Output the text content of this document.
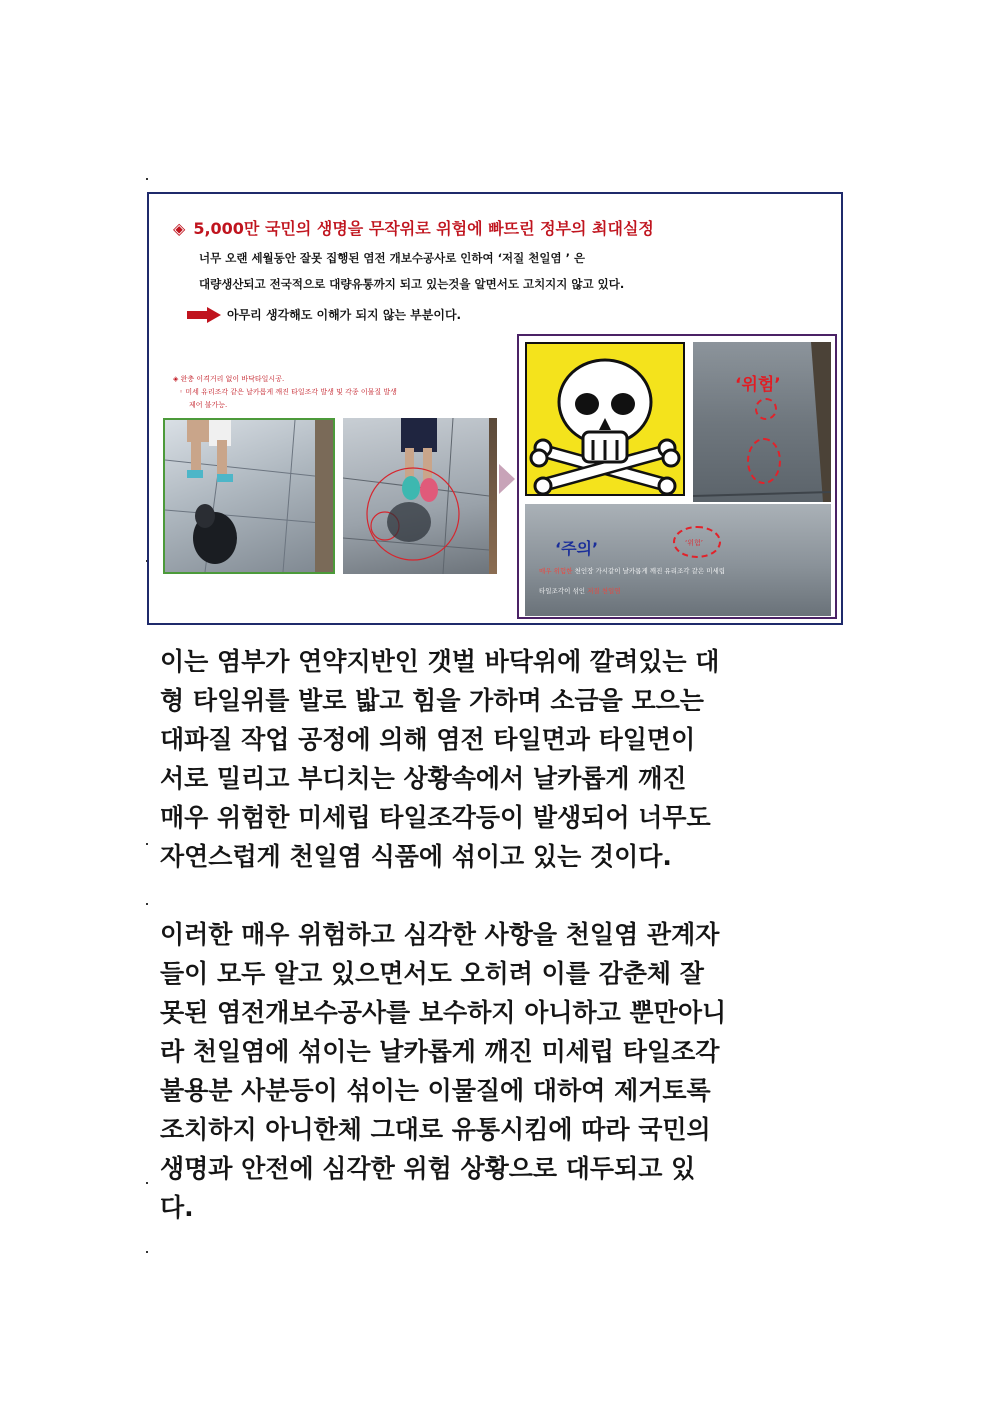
◈ 5,000만 국민의 생명을 무작위로 위험에 빠뜨린 정부의 최대실정
너무 오랜 세월동안 잘못 집행된 염전 개보수공사로 인하여 ‘저질 천일염 ’ 은
대량생산되고 전국적으로 대량유통까지 되고 있는것을 알면서도 고치지지 않고 있다.
아무리 생각해도 이해가 되지 않는 부분이다.
◈ 완충 이격거리 없이 바닥타일시공.
◦ 미세 유리조각 같은 날카롭게 깨진 타일조각 발생 및 각종 이물질 발생
제어 불가능.
‘위험’
‘주의’	‘위험’
매우 위험한 천인장 가시같이 날카롭게 깨진 유리조각 같은 미세립
타일조각이 섞인 저질 천일염
이는 염부가 연약지반인 갯벌 바닥위에 깔려있는 대
형 타일위를 발로 밟고 힘을 가하며 소금을 모으는
대파질 작업 공정에 의해 염전 타일면과 타일면이
서로 밀리고 부디치는 상황속에서 날카롭게 깨진
매우 위험한 미세립 타일조각등이 발생되어 너무도
자연스럽게 천일염 식품에 섞이고 있는 것이다.
이러한 매우 위험하고 심각한 사항을 천일염 관계자
들이 모두 알고 있으면서도 오히려 이를 감춘체 잘
못된 염전개보수공사를 보수하지 아니하고 뿐만아니
라 천일염에 섞이는 날카롭게 깨진 미세립 타일조각
불용분 사분등이 섞이는 이물질에 대하여 제거토록
조치하지 아니한체 그대로 유통시킴에 따라 국민의
생명과 안전에 심각한 위험 상황으로 대두되고 있
다.
